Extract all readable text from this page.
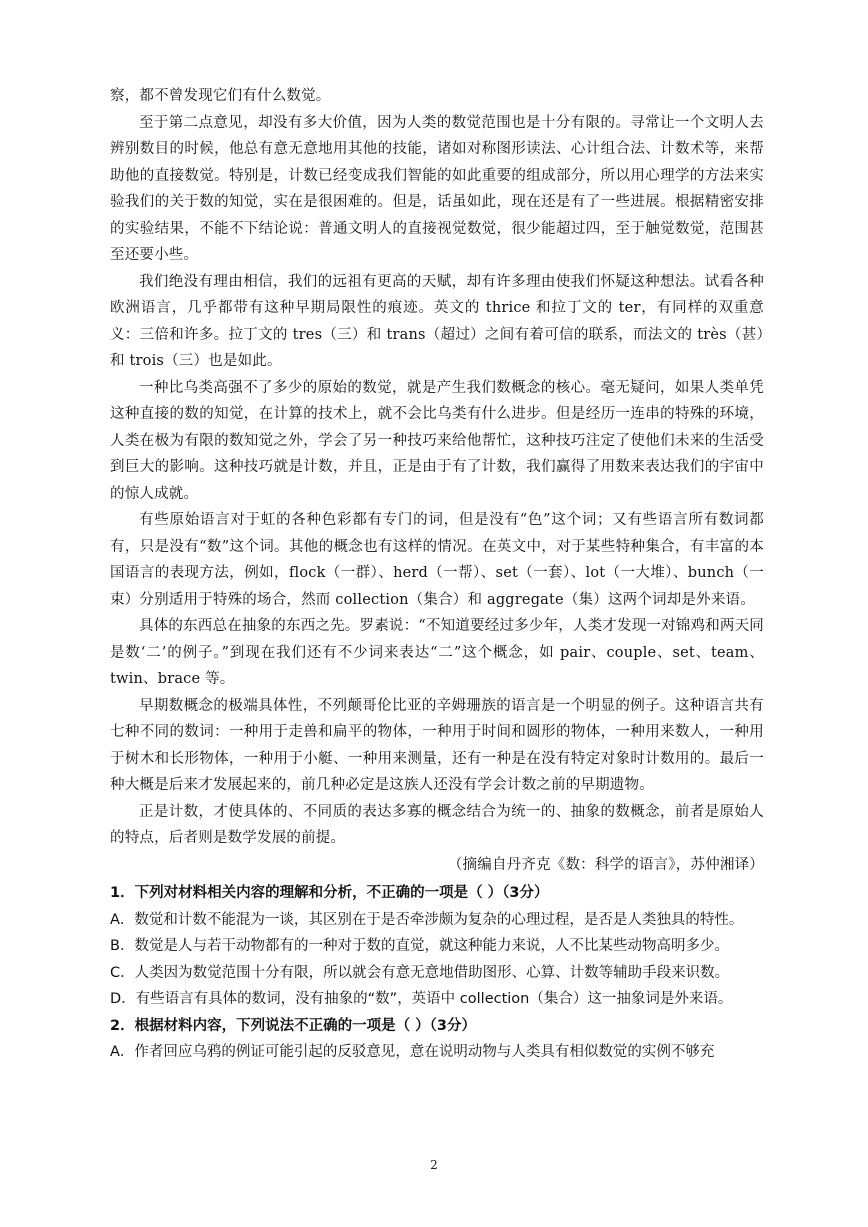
察，都不曾发现它们有什么数觉。

至于第二点意见，却没有多大价值，因为人类的数觉范围也是十分有限的。寻常让一个文明人去辨别数目的时候，他总有意无意地用其他的技能，诸如对称图形读法、心计组合法、计数术等，来帮助他的直接数觉。特别是，计数已经变成我们智能的如此重要的组成部分，所以用心理学的方法来实验我们的关于数的知觉，实在是很困难的。但是，话虽如此，现在还是有了一些进展。根据精密安排的实验结果，不能不下结论说：普通文明人的直接视觉数觉，很少能超过四，至于触觉数觉，范围甚至还要小些。

我们绝没有理由相信，我们的远祖有更高的天赋，却有许多理由使我们怀疑这种想法。试看各种欧洲语言，几乎都带有这种早期局限性的痕迹。英文的 thrice 和拉丁文的 ter，有同样的双重意义：三倍和许多。拉丁文的 tres（三）和 trans（超过）之间有着可信的联系，而法文的 très（甚）和 trois（三）也是如此。

一种比乌类高强不了多少的原始的数觉，就是产生我们数概念的核心。毫无疑问，如果人类单凭这种直接的数的知觉，在计算的技术上，就不会比乌类有什么进步。但是经历一连串的特殊的环境，人类在极为有限的数知觉之外，学会了另一种技巧来给他帮忙，这种技巧注定了使他们未来的生活受到巨大的影响。这种技巧就是计数，并且，正是由于有了计数，我们赢得了用数来表达我们的宇宙中的惊人成就。

有些原始语言对于虹的各种色彩都有专门的词，但是没有“色”这个词；又有些语言所有数词都有，只是没有“数”这个词。其他的概念也有这样的情况。在英文中，对于某些特种集合，有丰富的本国语言的表现方法，例如，flock（一群）、herd（一帮）、set（一套）、lot（一大堆）、bunch（一束）分别适用于特殊的场合，然而 collection（集合）和 aggregate（集）这两个词却是外来语。

具体的东西总在抽象的东西之先。罗素说：“不知道要经过多少年，人类才发现一对锦鸡和两天同是数‘二’的例子。”到现在我们还有不少词来表达“二”这个概念，如 pair、couple、set、team、twin、brace 等。

早期数概念的极端具体性，不列颠哥伦比亚的辛姆珊族的语言是一个明显的例子。这种语言共有七种不同的数词：一种用于走兽和扁平的物体，一种用于时间和圆形的物体，一种用来数人，一种用于树木和长形物体，一种用于小艇、一种用来测量，还有一种是在没有特定对象时计数用的。最后一种大概是后来才发展起来的，前几种必定是这族人还没有学会计数之前的早期遗物。

正是计数，才使具体的、不同质的表达多寡的概念结合为统一的、抽象的数概念，前者是原始人的特点，后者则是数学发展的前提。

（摘编自丹齐克《数：科学的语言》，苏仲湘译）

1．下列对材料相关内容的理解和分析，不正确的一项是（ ）（3分）

A．数觉和计数不能混为一谈，其区别在于是否牵涉颇为复杂的心理过程，是否是人类独具的特性。

B．数觉是人与若干动物都有的一种对于数的直觉，就这种能力来说，人不比某些动物高明多少。

C．人类因为数觉范围十分有限，所以就会有意无意地借助图形、心算、计数等辅助手段来识数。

D．有些语言有具体的数词，没有抽象的“数”，英语中 collection（集合）这一抽象词是外来语。

2．根据材料内容，下列说法不正确的一项是（ ）（3分）

A．作者回应乌鸦的例证可能引起的反驳意见，意在说明动物与人类具有相似数觉的实例不够充

2
